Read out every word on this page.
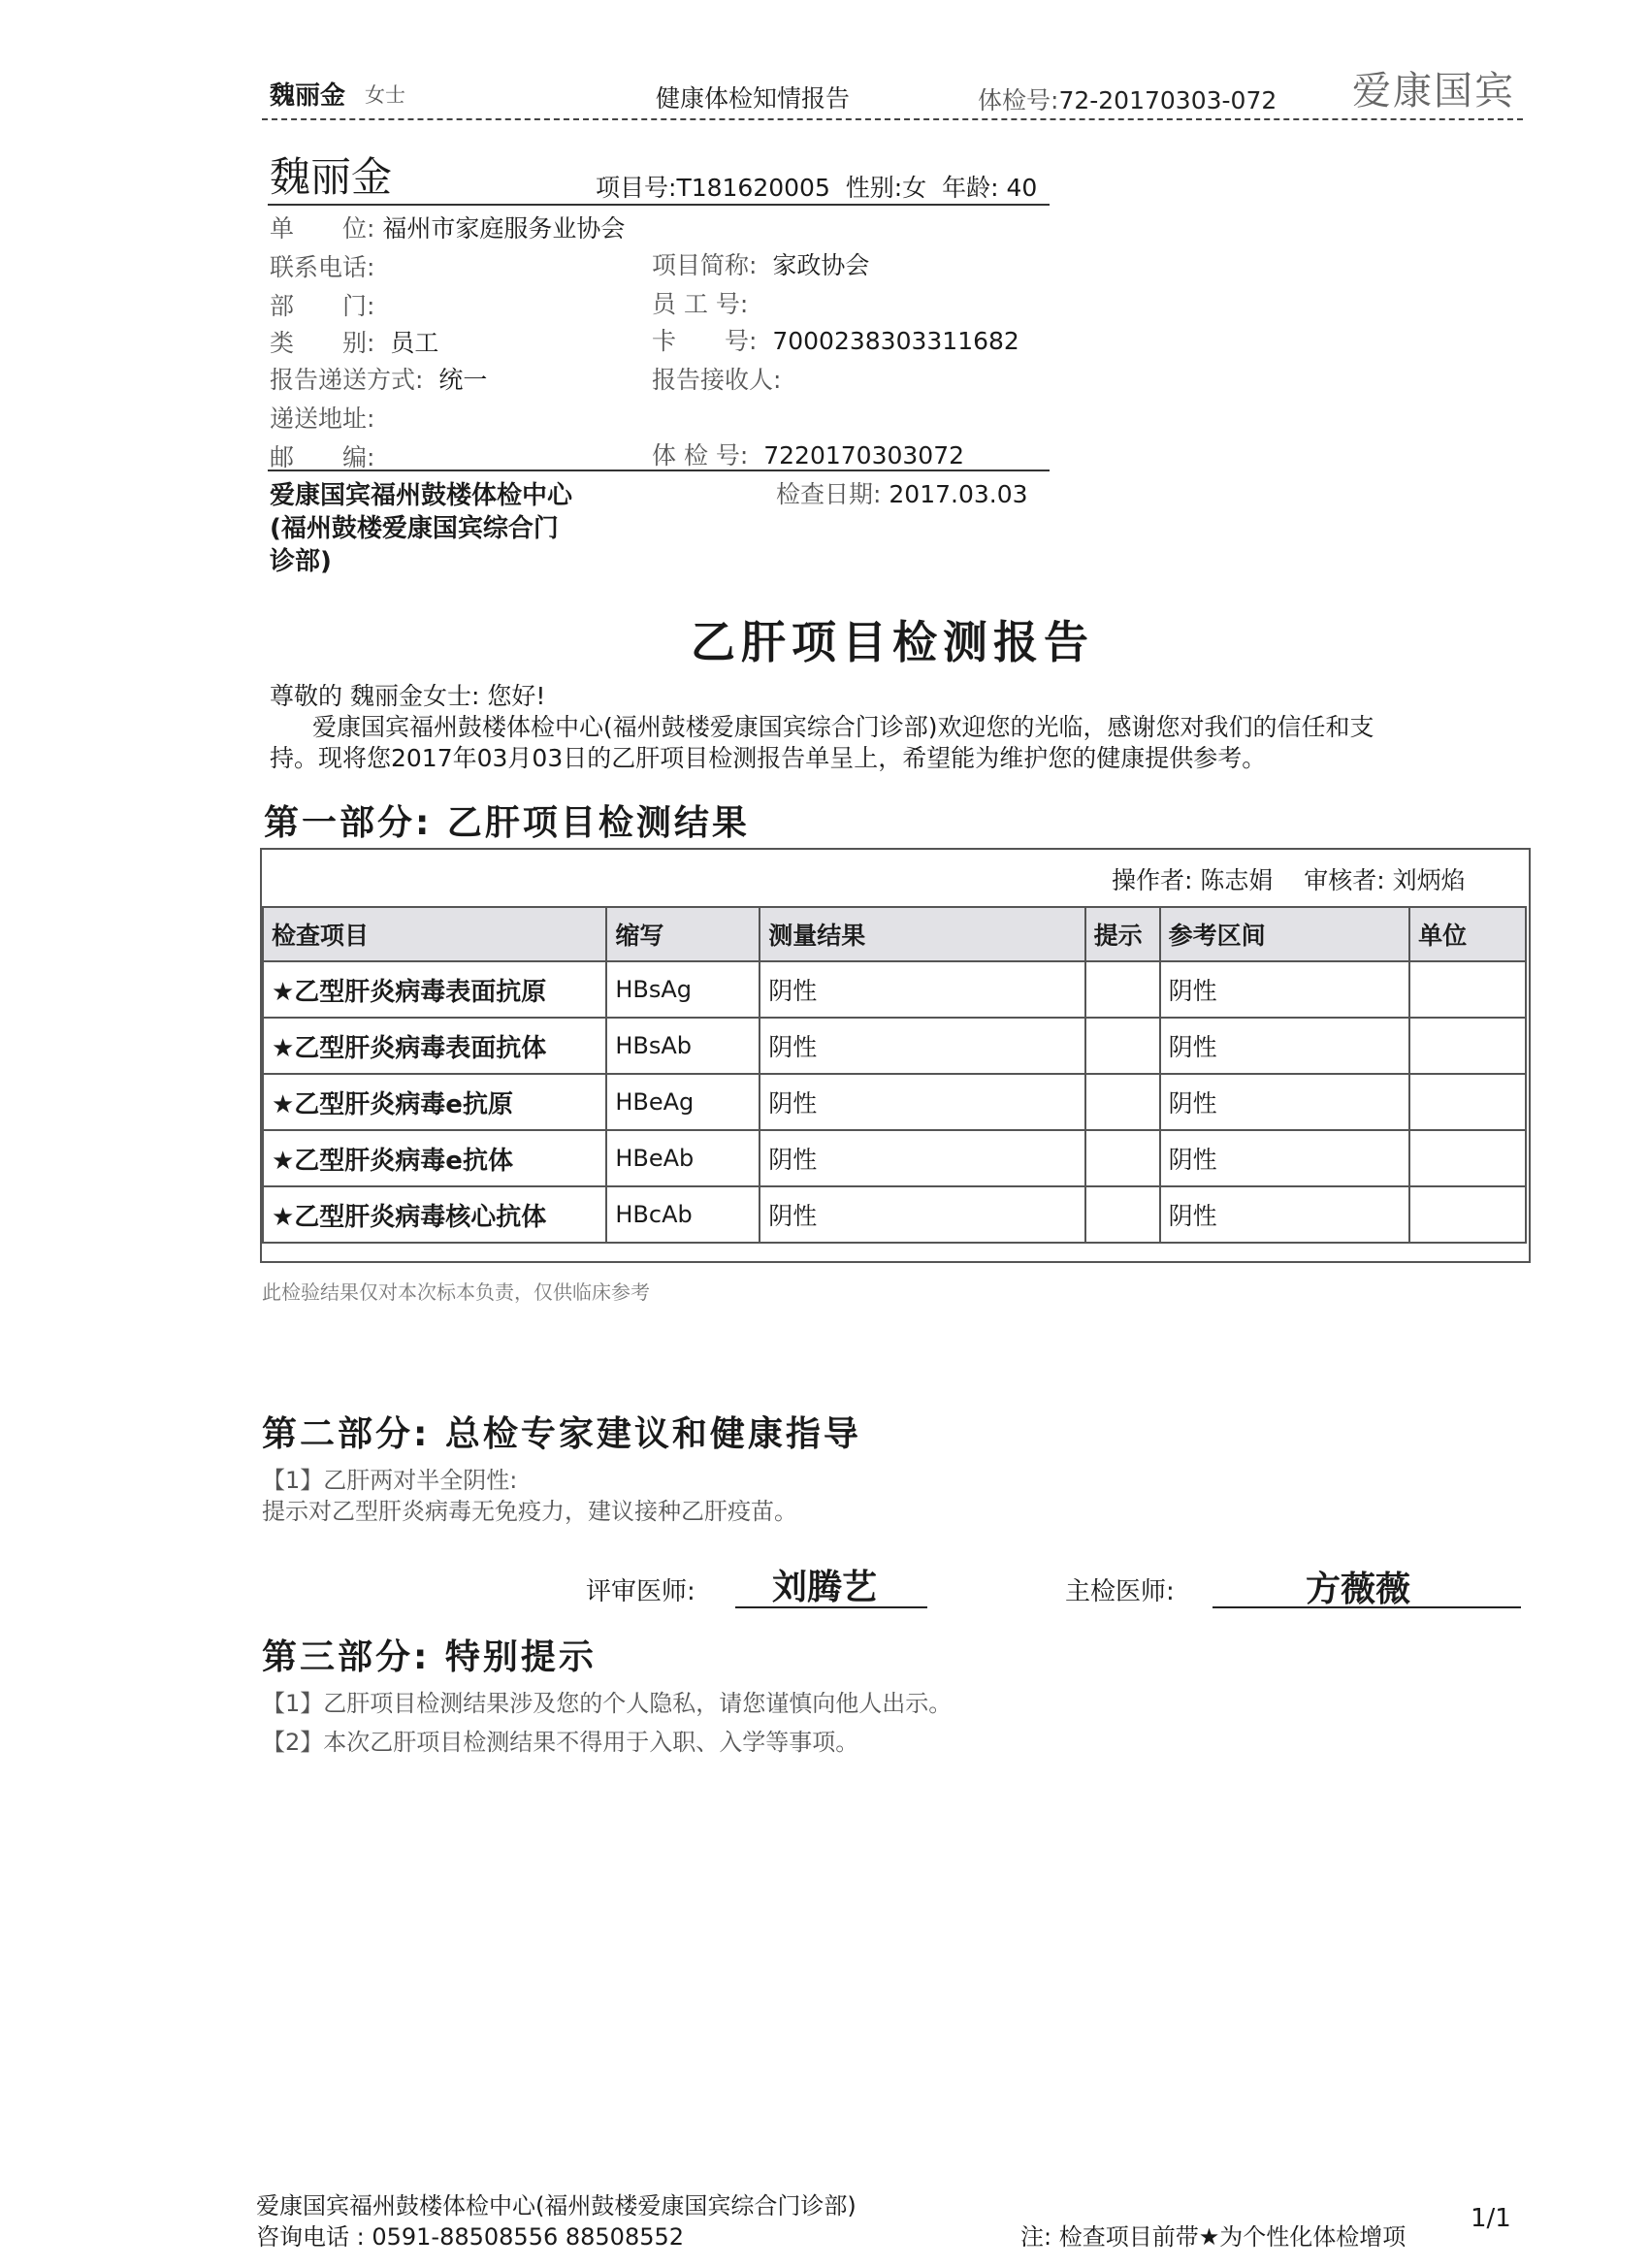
魏丽金 女士	健康体检知情报告	体检号:72-20170303-072 爱康国宾
魏丽金	项目号:T181620005 性别:女 年龄: 40
单　　位: 福州市家庭服务业协会
联系电话:	项目简称: 家政协会
部　　门:	员 工 号:
类　　别: 员工	卡　　号: 7000238303311682
报告递送方式: 统一	报告接收人:
递送地址:
邮　　编:	体 检 号: 7220170303072
爱康国宾福州鼓楼体检中心
(福州鼓楼爱康国宾综合门
诊部)
检查日期: 2017.03.03
乙肝项目检测报告
尊敬的 魏丽金女士: 您好!
爱康国宾福州鼓楼体检中心(福州鼓楼爱康国宾综合门诊部)欢迎您的光临，感谢您对我们的信任和支
持。现将您2017年03月03日的乙肝项目检测报告单呈上，希望能为维护您的健康提供参考。
第一部分: 乙肝项目检测结果
操作者: 陈志娟 审核者: 刘炳焰
检查项目	缩写	测量结果	提示	参考区间	单位
★乙型肝炎病毒表面抗原	HBsAg	阴性		阴性	
★乙型肝炎病毒表面抗体	HBsAb	阴性		阴性	
★乙型肝炎病毒e抗原	HBeAg	阴性		阴性	
★乙型肝炎病毒e抗体	HBeAb	阴性		阴性	
★乙型肝炎病毒核心抗体	HBcAb	阴性		阴性	
此检验结果仅对本次标本负责，仅供临床参考
第二部分: 总检专家建议和健康指导
【1】乙肝两对半全阴性:
提示对乙型肝炎病毒无免疫力，建议接种乙肝疫苗。
评审医师: 刘腾艺	主检医师:	方薇薇
第三部分: 特别提示
【1】乙肝项目检测结果涉及您的个人隐私，请您谨慎向他人出示。
【2】本次乙肝项目检测结果不得用于入职、入学等事项。
爱康国宾福州鼓楼体检中心(福州鼓楼爱康国宾综合门诊部)
咨询电话 : 0591-88508556 88508552	注: 检查项目前带★为个性化体检增项
1/1
